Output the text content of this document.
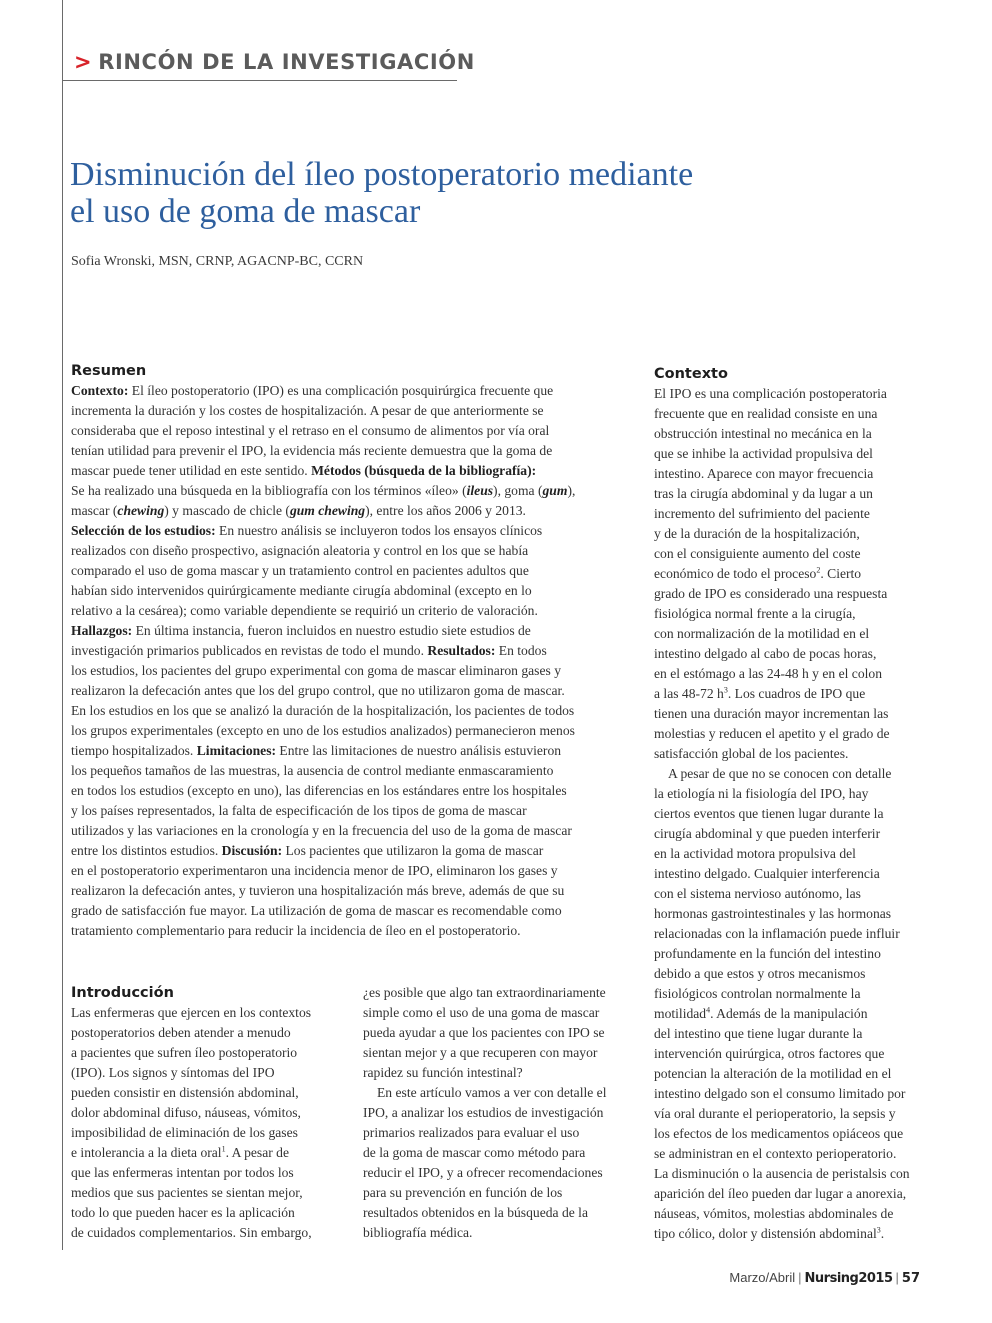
> RINCÓN DE LA INVESTIGACIÓN
Disminución del íleo postoperatorio mediante
el uso de goma de mascar
Sofia Wronski, MSN, CRNP, AGACNP-BC, CCRN
Resumen
Contexto: El íleo postoperatorio (IPO) es una complicación posquirúrgica frecuente que
incrementa la duración y los costes de hospitalización. A pesar de que anteriormente se
consideraba que el reposo intestinal y el retraso en el consumo de alimentos por vía oral
tenían utilidad para prevenir el IPO, la evidencia más reciente demuestra que la goma de
mascar puede tener utilidad en este sentido. Métodos (búsqueda de la bibliografía):
Se ha realizado una búsqueda en la bibliografía con los términos «íleo» (ileus), goma (gum),
mascar (chewing) y mascado de chicle (gum chewing), entre los años 2006 y 2013.
Selección de los estudios: En nuestro análisis se incluyeron todos los ensayos clínicos
realizados con diseño prospectivo, asignación aleatoria y control en los que se había
comparado el uso de goma mascar y un tratamiento control en pacientes adultos que
habían sido intervenidos quirúrgicamente mediante cirugía abdominal (excepto en lo
relativo a la cesárea); como variable dependiente se requirió un criterio de valoración.
Hallazgos: En última instancia, fueron incluidos en nuestro estudio siete estudios de
investigación primarios publicados en revistas de todo el mundo. Resultados: En todos
los estudios, los pacientes del grupo experimental con goma de mascar eliminaron gases y
realizaron la defecación antes que los del grupo control, que no utilizaron goma de mascar.
En los estudios en los que se analizó la duración de la hospitalización, los pacientes de todos
los grupos experimentales (excepto en uno de los estudios analizados) permanecieron menos
tiempo hospitalizados. Limitaciones: Entre las limitaciones de nuestro análisis estuvieron
los pequeños tamaños de las muestras, la ausencia de control mediante enmascaramiento
en todos los estudios (excepto en uno), las diferencias en los estándares entre los hospitales
y los países representados, la falta de especificación de los tipos de goma de mascar
utilizados y las variaciones en la cronología y en la frecuencia del uso de la goma de mascar
entre los distintos estudios. Discusión: Los pacientes que utilizaron la goma de mascar
en el postoperatorio experimentaron una incidencia menor de IPO, eliminaron los gases y
realizaron la defecación antes, y tuvieron una hospitalización más breve, además de que su
grado de satisfacción fue mayor. La utilización de goma de mascar es recomendable como
tratamiento complementario para reducir la incidencia de íleo en el postoperatorio.
Contexto
El IPO es una complicación postoperatoria
frecuente que en realidad consiste en una
obstrucción intestinal no mecánica en la
que se inhibe la actividad propulsiva del
intestino. Aparece con mayor frecuencia
tras la cirugía abdominal y da lugar a un
incremento del sufrimiento del paciente
y de la duración de la hospitalización,
con el consiguiente aumento del coste
económico de todo el proceso$^2$. Cierto
grado de IPO es considerado una respuesta
fisiológica normal frente a la cirugía,
con normalización de la motilidad en el
intestino delgado al cabo de pocas horas,
en el estómago a las 24-48 h y en el colon
a las 48-72 $h^3$. Los cuadros de IPO que
tienen una duración mayor incrementan las
molestias y reducen el apetito y el grado de
satisfacción global de los pacientes.
A pesar de que no se conocen con detalle
la etiología ni la fisiología del IPO, hay
ciertos eventos que tienen lugar durante la
cirugía abdominal y que pueden interferir
en la actividad motora propulsiva del
intestino delgado. Cualquier interferencia
con el sistema nervioso autónomo, las
hormonas gastrointestinales y las hormonas
relacionadas con la inflamación puede influir
profundamente en la función del intestino
debido a que estos y otros mecanismos
fisiológicos controlan normalmente la
motilidad$^4$. Además de la manipulación
del intestino que tiene lugar durante la
intervención quirúrgica, otros factores que
potencian la alteración de la motilidad en el
intestino delgado son el consumo limitado por
vía oral durante el perioperatorio, la sepsis y
los efectos de los medicamentos opiáceos que
se administran en el contexto perioperatorio.
La disminución o la ausencia de peristalsis con
aparición del íleo pueden dar lugar a anorexia,
náuseas, vómitos, molestias abdominales de
tipo cólico, dolor y distensión abdominal$^3$.
Introducción
Las enfermeras que ejercen en los contextos
postoperatorios deben atender a menudo
a pacientes que sufren íleo postoperatorio
(IPO). Los signos y síntomas del IPO
pueden consistir en distensión abdominal,
dolor abdominal difuso, náuseas, vómitos,
imposibilidad de eliminación de los gases
e intolerancia a la dieta oral$^1$. A pesar de
que las enfermeras intentan por todos los
medios que sus pacientes se sientan mejor,
todo lo que pueden hacer es la aplicación
de cuidados complementarios. Sin embargo,
¿es posible que algo tan extraordinariamente
simple como el uso de una goma de mascar
pueda ayudar a que los pacientes con IPO se
sientan mejor y a que recuperen con mayor
rapidez su función intestinal?
En este artículo vamos a ver con detalle el
IPO, a analizar los estudios de investigación
primarios realizados para evaluar el uso
de la goma de mascar como método para
reducir el IPO, y a ofrecer recomendaciones
para su prevención en función de los
resultados obtenidos en la búsqueda de la
bibliografía médica.
Marzo/Abril | Nursing2015 | 57
